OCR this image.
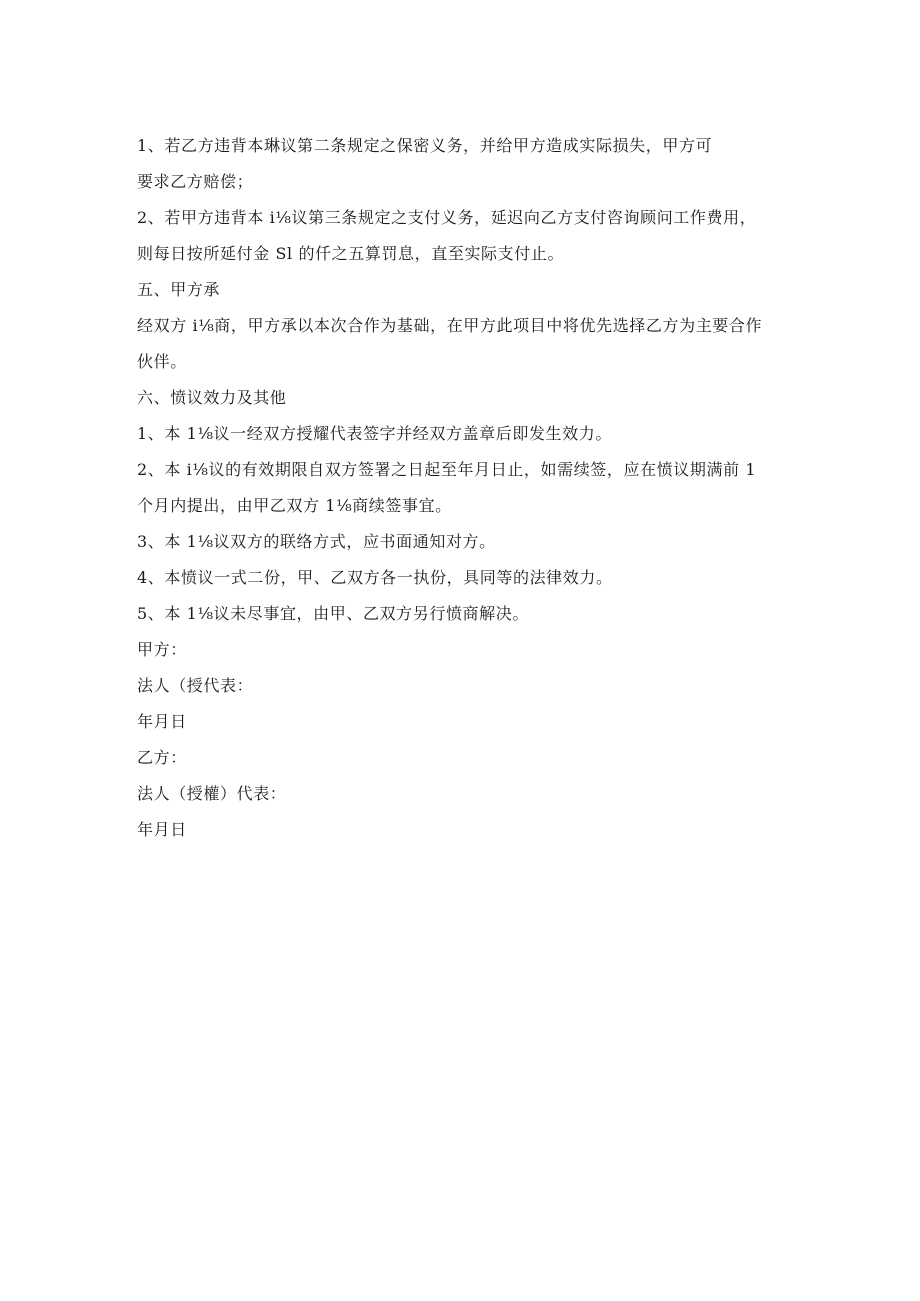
1、若乙方违背本琳议第二条规定之保密义务，并给甲方造成实际损失，甲方可
要求乙方赔偿；
2、若甲方违背本 i⅛议第三条规定之支付义务，延迟向乙方支付咨询顾问工作费用，
则每日按所延付金 Sl 的仟之五算罚息，直至实际支付止。
五、甲方承
经双方 i⅛商，甲方承以本次合作为基础，在甲方此项目中将优先选择乙方为主要合作
伙伴。
六、愤议效力及其他
1、本 1⅛议一经双方授耀代表签字并经双方盖章后即发生效力。
2、本 i⅛议的有效期限自双方签署之日起至年月日止，如需续签，应在愤议期满前 1
个月内提出，由甲乙双方 1⅛商续签事宜。
3、本 1⅛议双方的联络方式，应书面通知对方。
4、本愤议一式二份，甲、乙双方各一执份，具同等的法律效力。
5、本 1⅛议未尽事宜，由甲、乙双方另行愤商解决。
甲方：
法人（授代表：
年月日
乙方：
法人（授權）代表：
年月日
